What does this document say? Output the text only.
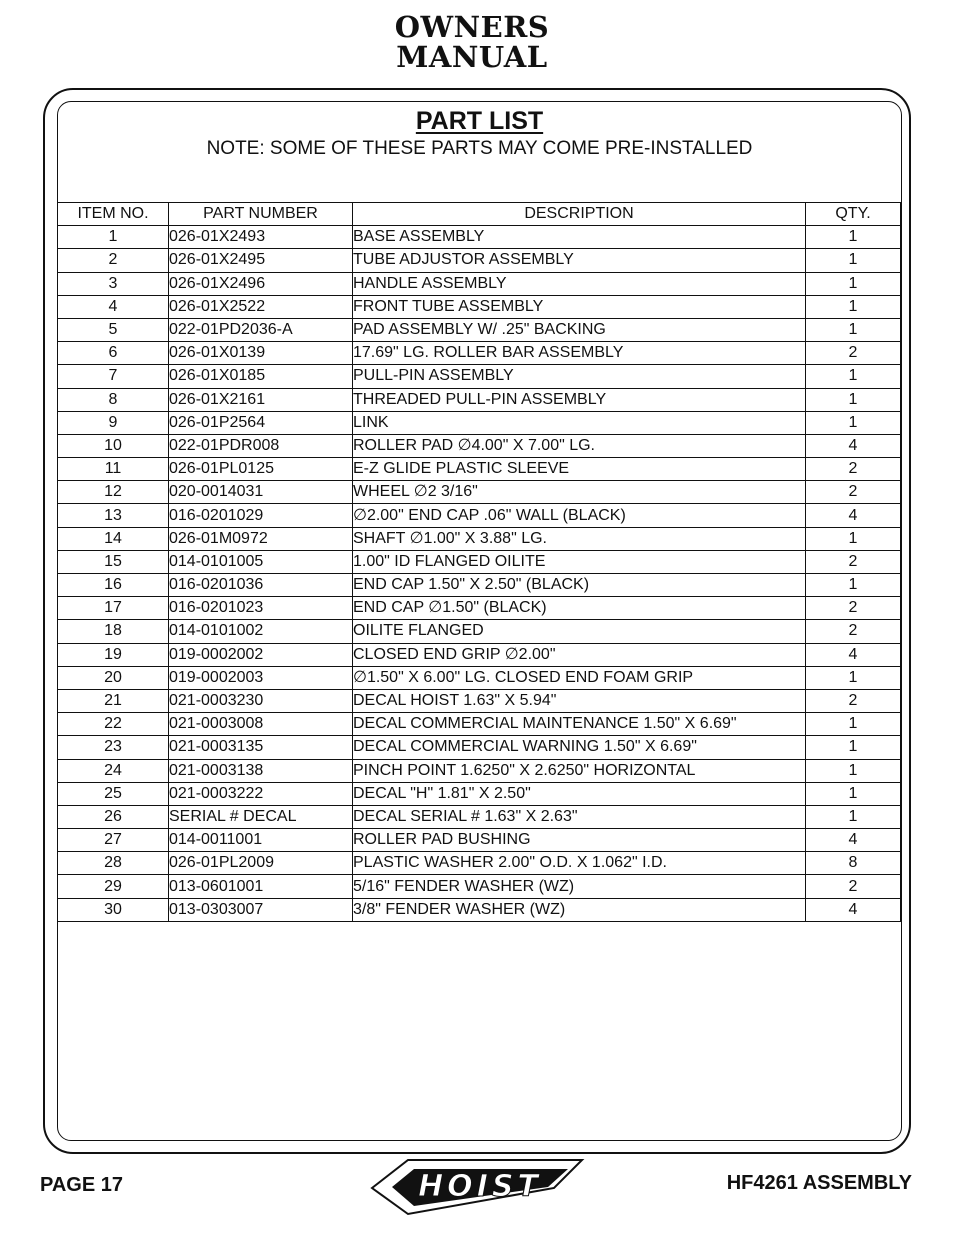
OWNERS
MANUAL
PART LIST
NOTE: SOME OF THESE PARTS MAY COME PRE-INSTALLED
ITEM NO.	PART NUMBER	DESCRIPTION	QTY.
1	026-01X2493	BASE ASSEMBLY	1
2	026-01X2495	TUBE ADJUSTOR ASSEMBLY	1
3	026-01X2496	HANDLE ASSEMBLY	1
4	026-01X2522	FRONT TUBE ASSEMBLY	1
5	022-01PD2036-A	PAD ASSEMBLY W/ .25" BACKING	1
6	026-01X0139	17.69" LG. ROLLER BAR ASSEMBLY	2
7	026-01X0185	PULL-PIN ASSEMBLY	1
8	026-01X2161	THREADED PULL-PIN ASSEMBLY	1
9	026-01P2564	LINK	1
10	022-01PDR008	ROLLER PAD ∅4.00" X 7.00" LG.	4
11	026-01PL0125	E-Z GLIDE PLASTIC SLEEVE	2
12	020-0014031	WHEEL ∅2 3/16"	2
13	016-0201029	∅2.00" END CAP .06" WALL (BLACK)	4
14	026-01M0972	SHAFT ∅1.00" X 3.88" LG.	1
15	014-0101005	1.00" ID FLANGED OILITE	2
16	016-0201036	END CAP 1.50" X 2.50" (BLACK)	1
17	016-0201023	END CAP ∅1.50" (BLACK)	2
18	014-0101002	OILITE FLANGED	2
19	019-0002002	CLOSED END GRIP ∅2.00"	4
20	019-0002003	∅1.50" X 6.00" LG. CLOSED END FOAM GRIP	1
21	021-0003230	DECAL HOIST 1.63" X 5.94"	2
22	021-0003008	DECAL COMMERCIAL MAINTENANCE 1.50" X 6.69"	1
23	021-0003135	DECAL COMMERCIAL WARNING 1.50" X 6.69"	1
24	021-0003138	PINCH POINT 1.6250" X 2.6250" HORIZONTAL	1
25	021-0003222	DECAL "H" 1.81" X 2.50"	1
26	SERIAL # DECAL	DECAL SERIAL # 1.63" X 2.63"	1
27	014-0011001	ROLLER PAD BUSHING	4
28	026-01PL2009	PLASTIC WASHER 2.00" O.D. X 1.062" I.D.	8
29	013-0601001	5/16" FENDER WASHER (WZ)	2
30	013-0303007	3/8" FENDER WASHER (WZ)	4

PAGE 17	HOIST	HF4261 ASSEMBLY
